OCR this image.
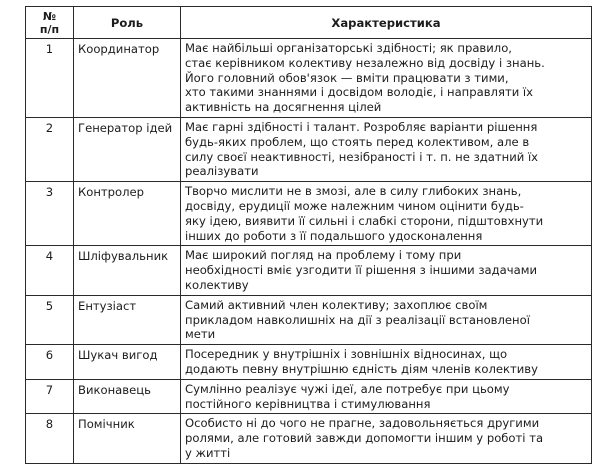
№
п/п	Роль	Характеристика
1	Координатор	Має найбільші організаторські здібності; як правило,
стає керівником колективу незалежно від досвіду і знань.
Його головний обов'язок — вміти працювати з тими,
хто такими знаннями і досвідом володіє, і направляти їх
активність на досягнення цілей

2	Генератор ідей	Має гарні здібності і талант. Розробляє варіанти рішення
будь-яких проблем, що стоять перед колективом, але в
силу своєї неактивності, незібраності і т. п. не здатний їх
реалізувати

3	Контролер	Творчо мислити не в змозі, але в силу глибоких знань,
досвіду, ерудиції може належним чином оцінити будь-
яку ідею, виявити її сильні і слабкі сторони, підштовхнути
інших до роботи з її подальшого удосконалення

4	Шліфувальник	Має широкий погляд на проблему і тому при
необхідності вміє узгодити її рішення з іншими задачами
колективу

5	Ентузіаст	Самий активний член колективу; захоплює своїм
прикладом навколишніх на дії з реалізації встановленої
мети

6	Шукач вигод	Посередник у внутрішніх і зовнішніх відносинах, що
додають певну внутрішню єдність діям членів колективу

7	Виконавець	Сумлінно реалізує чужі ідеї, але потребує при цьому
постійного керівництва і стимулювання

8	Помічник	Особисто ні до чого не прагне, задовольняється другими
ролями, але готовий завжди допомогти іншим у роботі та
у житті
